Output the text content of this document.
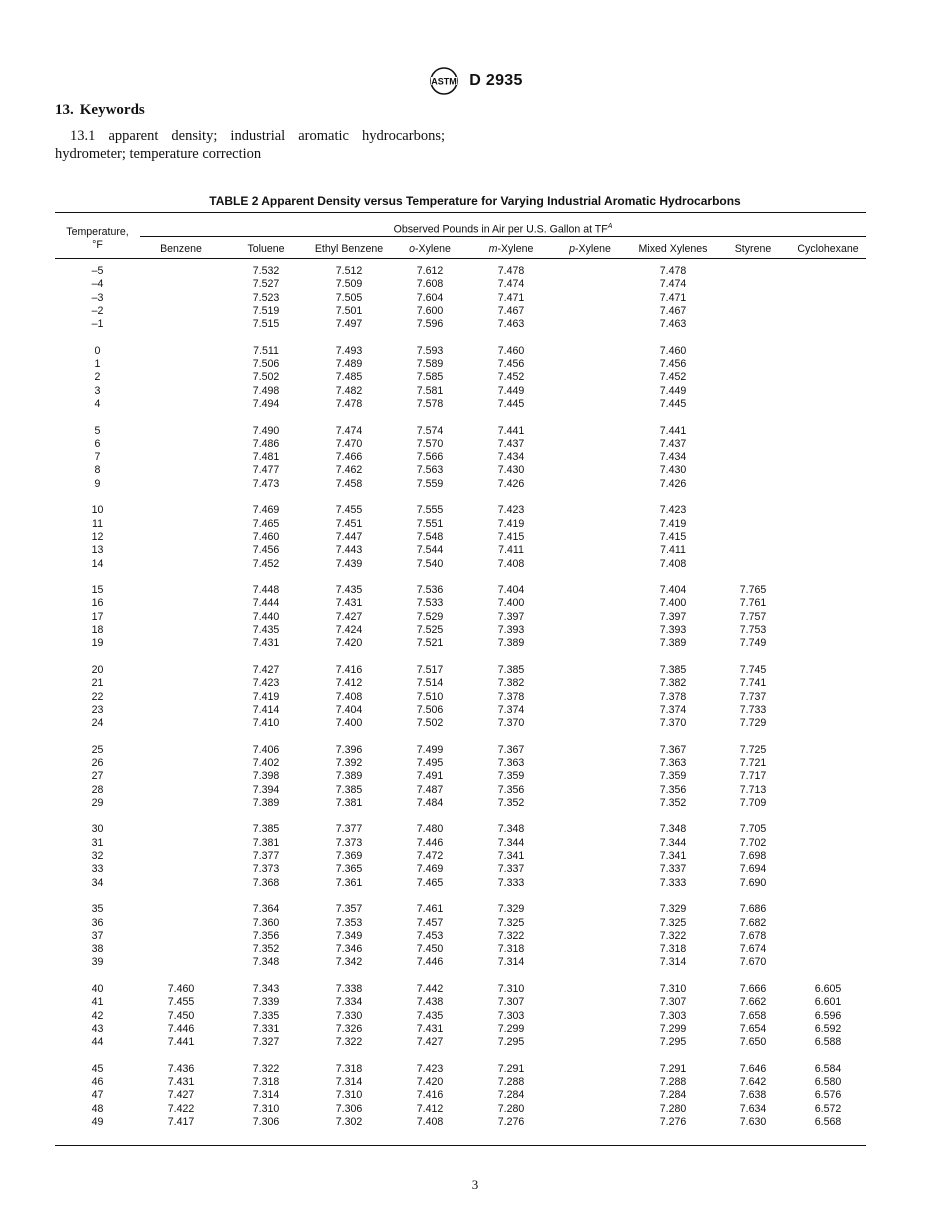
ASTM D 2935
13. Keywords
13.1 apparent density; industrial aromatic hydrocarbons; hydrometer; temperature correction
TABLE 2 Apparent Density versus Temperature for Varying Industrial Aromatic Hydrocarbons
Temperature, °F	Observed Pounds in Air per U.S. Gallon at $TF^A$

	Benzene	Toluene	Ethyl Benzene	o-Xylene	m-Xylene	p-Xylene	Mixed Xylenes	Styrene	Cyclohexane

–5		7.532	7.512	7.612	7.478		7.478		
–4		7.527	7.509	7.608	7.474		7.474		
–3		7.523	7.505	7.604	7.471		7.471		
–2		7.519	7.501	7.600	7.467		7.467		
–1		7.515	7.497	7.596	7.463		7.463		

0		7.511	7.493	7.593	7.460		7.460		
1		7.506	7.489	7.589	7.456		7.456		
2		7.502	7.485	7.585	7.452		7.452		
3		7.498	7.482	7.581	7.449		7.449		
4		7.494	7.478	7.578	7.445		7.445		

5		7.490	7.474	7.574	7.441		7.441		
6		7.486	7.470	7.570	7.437		7.437		
7		7.481	7.466	7.566	7.434		7.434		
8		7.477	7.462	7.563	7.430		7.430		
9		7.473	7.458	7.559	7.426		7.426		

10		7.469	7.455	7.555	7.423		7.423		
11		7.465	7.451	7.551	7.419		7.419		
12		7.460	7.447	7.548	7.415		7.415		
13		7.456	7.443	7.544	7.411		7.411		
14		7.452	7.439	7.540	7.408		7.408		

15		7.448	7.435	7.536	7.404		7.404	7.765	
16		7.444	7.431	7.533	7.400		7.400	7.761	
17		7.440	7.427	7.529	7.397		7.397	7.757	
18		7.435	7.424	7.525	7.393		7.393	7.753	
19		7.431	7.420	7.521	7.389		7.389	7.749	

20		7.427	7.416	7.517	7.385		7.385	7.745	
21		7.423	7.412	7.514	7.382		7.382	7.741	
22		7.419	7.408	7.510	7.378		7.378	7.737	
23		7.414	7.404	7.506	7.374		7.374	7.733	
24		7.410	7.400	7.502	7.370		7.370	7.729	

25		7.406	7.396	7.499	7.367		7.367	7.725	
26		7.402	7.392	7.495	7.363		7.363	7.721	
27		7.398	7.389	7.491	7.359		7.359	7.717	
28		7.394	7.385	7.487	7.356		7.356	7.713	
29		7.389	7.381	7.484	7.352		7.352	7.709	

30		7.385	7.377	7.480	7.348		7.348	7.705	
31		7.381	7.373	7.446	7.344		7.344	7.702	
32		7.377	7.369	7.472	7.341		7.341	7.698	
33		7.373	7.365	7.469	7.337		7.337	7.694	
34		7.368	7.361	7.465	7.333		7.333	7.690	

35		7.364	7.357	7.461	7.329		7.329	7.686	
36		7.360	7.353	7.457	7.325		7.325	7.682	
37		7.356	7.349	7.453	7.322		7.322	7.678	
38		7.352	7.346	7.450	7.318		7.318	7.674	
39		7.348	7.342	7.446	7.314		7.314	7.670	

40	7.460	7.343	7.338	7.442	7.310		7.310	7.666	6.605
41	7.455	7.339	7.334	7.438	7.307		7.307	7.662	6.601
42	7.450	7.335	7.330	7.435	7.303		7.303	7.658	6.596
43	7.446	7.331	7.326	7.431	7.299		7.299	7.654	6.592
44	7.441	7.327	7.322	7.427	7.295		7.295	7.650	6.588

45	7.436	7.322	7.318	7.423	7.291		7.291	7.646	6.584
46	7.431	7.318	7.314	7.420	7.288		7.288	7.642	6.580
47	7.427	7.314	7.310	7.416	7.284		7.284	7.638	6.576
48	7.422	7.310	7.306	7.412	7.280		7.280	7.634	6.572
49	7.417	7.306	7.302	7.408	7.276		7.276	7.630	6.568
3
